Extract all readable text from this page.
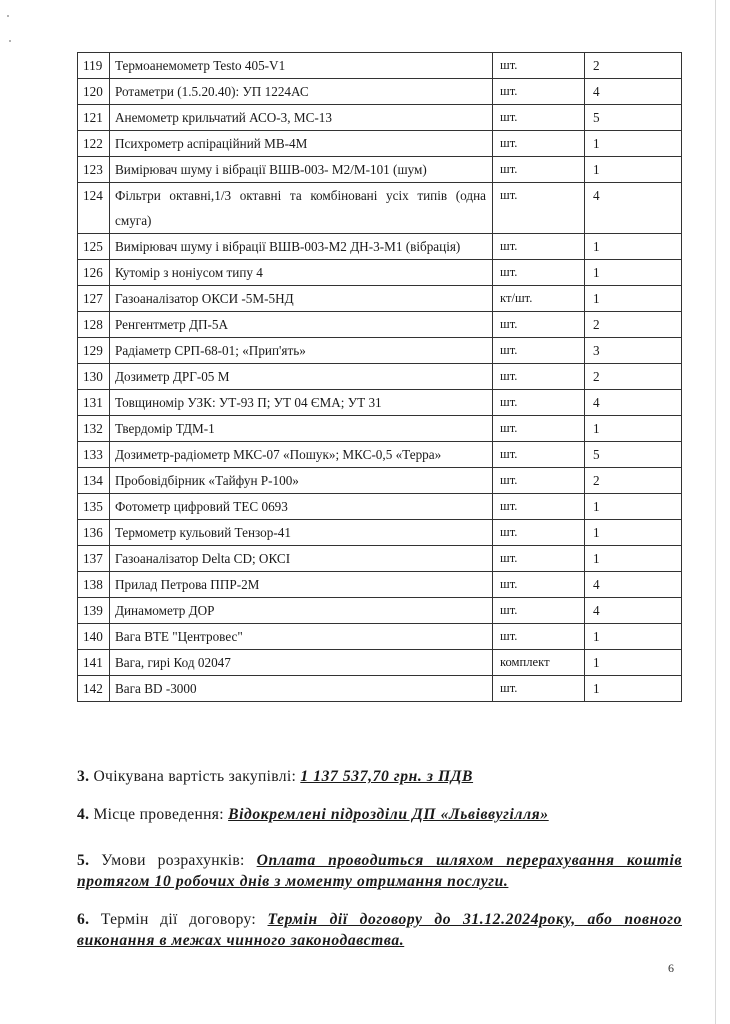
119	Термоанемометр Testo 405-V1	шт.	2
120	Ротаметри (1.5.20.40): УП 1224АС	шт.	4
121	Анемометр крильчатий АСО-3, МС-13	шт.	5
122	Психрометр аспіраційний МВ-4М	шт.	1
123	Вимірювач шуму і вібрації ВШВ-003- М2/М-101 (шум)	шт.	1
124	Фільтри октавні,1/3 октавні та комбіновані усіх типів (одна смуга)	шт.	4
125	Вимірювач шуму і вібрації ВШВ-003-М2 ДН-3-М1 (вібрація)	шт.	1
126	Кутомір з ноніусом типу 4	шт.	1
127	Газоаналізатор ОКСИ -5М-5НД	кт/шт.	1
128	Ренгентметр ДП-5А	шт.	2
129	Радіаметр СРП-68-01; «Прип'ять»	шт.	3
130	Дозиметр ДРГ-05 М	шт.	2
131	Товщиномір УЗК: УТ-93 П; УТ 04 ЄМА; УТ 31	шт.	4
132	Твердомір ТДМ-1	шт.	1
133	Дозиметр-радіометр МКС-07 «Пошук»; МКС-0,5 «Терра»	шт.	5
134	Пробовідбірник «Тайфун Р-100»	шт.	2
135	Фотометр цифровий ТЕС 0693	шт.	1
136	Термометр кульовий Тензор-41	шт.	1
137	Газоаналізатор Delta CD; ОКСІ	шт.	1
138	Прилад Петрова ППР-2М	шт.	4
139	Динамометр ДОР	шт.	4
140	Вага ВТЕ "Центровес"	шт.	1
141	Вага, гирі Код 02047	комплект	1
142	Вага BD -3000	шт.	1
3. Очікувана вартість закупівлі: 1 137 537,70 грн. з ПДВ
4. Місце проведення: Відокремлені підрозділи ДП «Львіввугілля»
5. Умови розрахунків: Оплата проводиться шляхом перерахування коштів протягом 10 робочих днів з моменту отримання послуги.
6. Термін дії договору: Термін дії договору до 31.12.2024року, або повного виконання в межах чинного законодавства.
6
